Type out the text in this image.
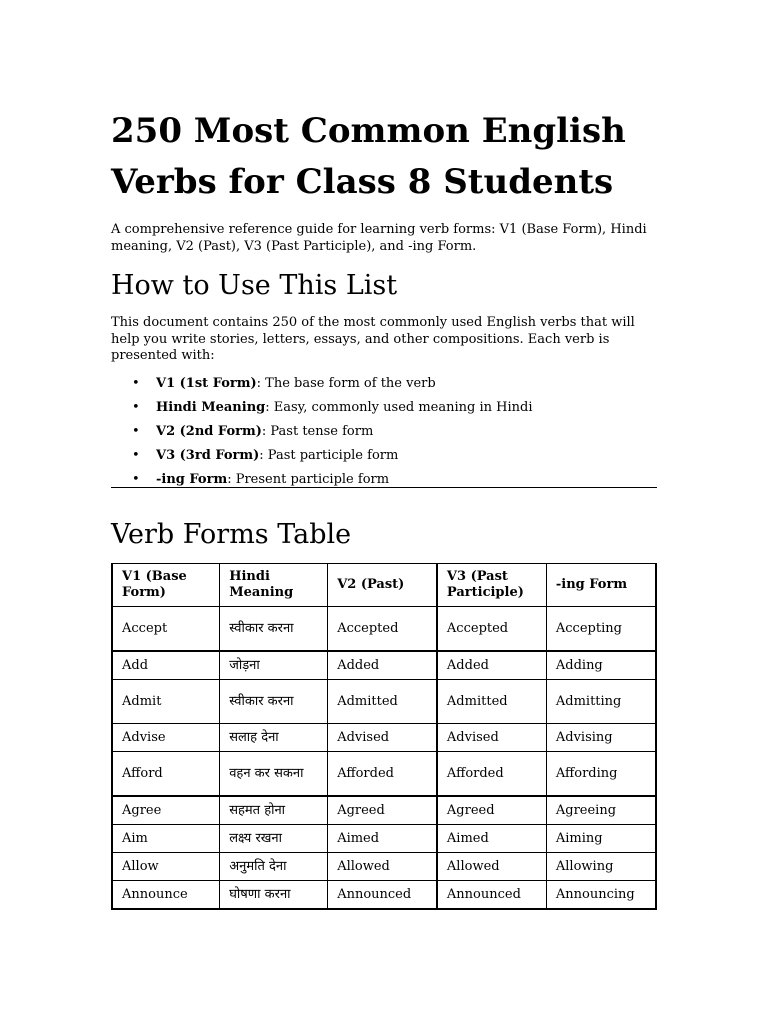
250 Most Common English
Verbs for Class 8 Students

A comprehensive reference guide for learning verb forms: V1 (Base Form), Hindi meaning, V2 (Past), V3 (Past Participle), and -ing Form.

How to Use This List

This document contains 250 of the most commonly used English verbs that will help you write stories, letters, essays, and other compositions. Each verb is presented with:

• V1 (1st Form): The base form of the verb
• Hindi Meaning: Easy, commonly used meaning in Hindi
• V2 (2nd Form): Past tense form
• V3 (3rd Form): Past participle form
• -ing Form: Present participle form
Verb Forms Table
V1 (Base Form)	Hindi Meaning	V2 (Past)	V3 (Past Participle)	-ing Form
Accept	स्वीकार करना	Accepted	Accepted	Accepting
Add	जोड़ना	Added	Added	Adding
Admit	स्वीकार करना	Admitted	Admitted	Admitting
Advise	सलाह देना	Advised	Advised	Advising
Afford	वहन कर सकना	Afforded	Afforded	Affording
Agree	सहमत होना	Agreed	Agreed	Agreeing
Aim	लक्ष्य रखना	Aimed	Aimed	Aiming
Allow	अनुमति देना	Allowed	Allowed	Allowing
Announce	घोषणा करना	Announced	Announced	Announcing
